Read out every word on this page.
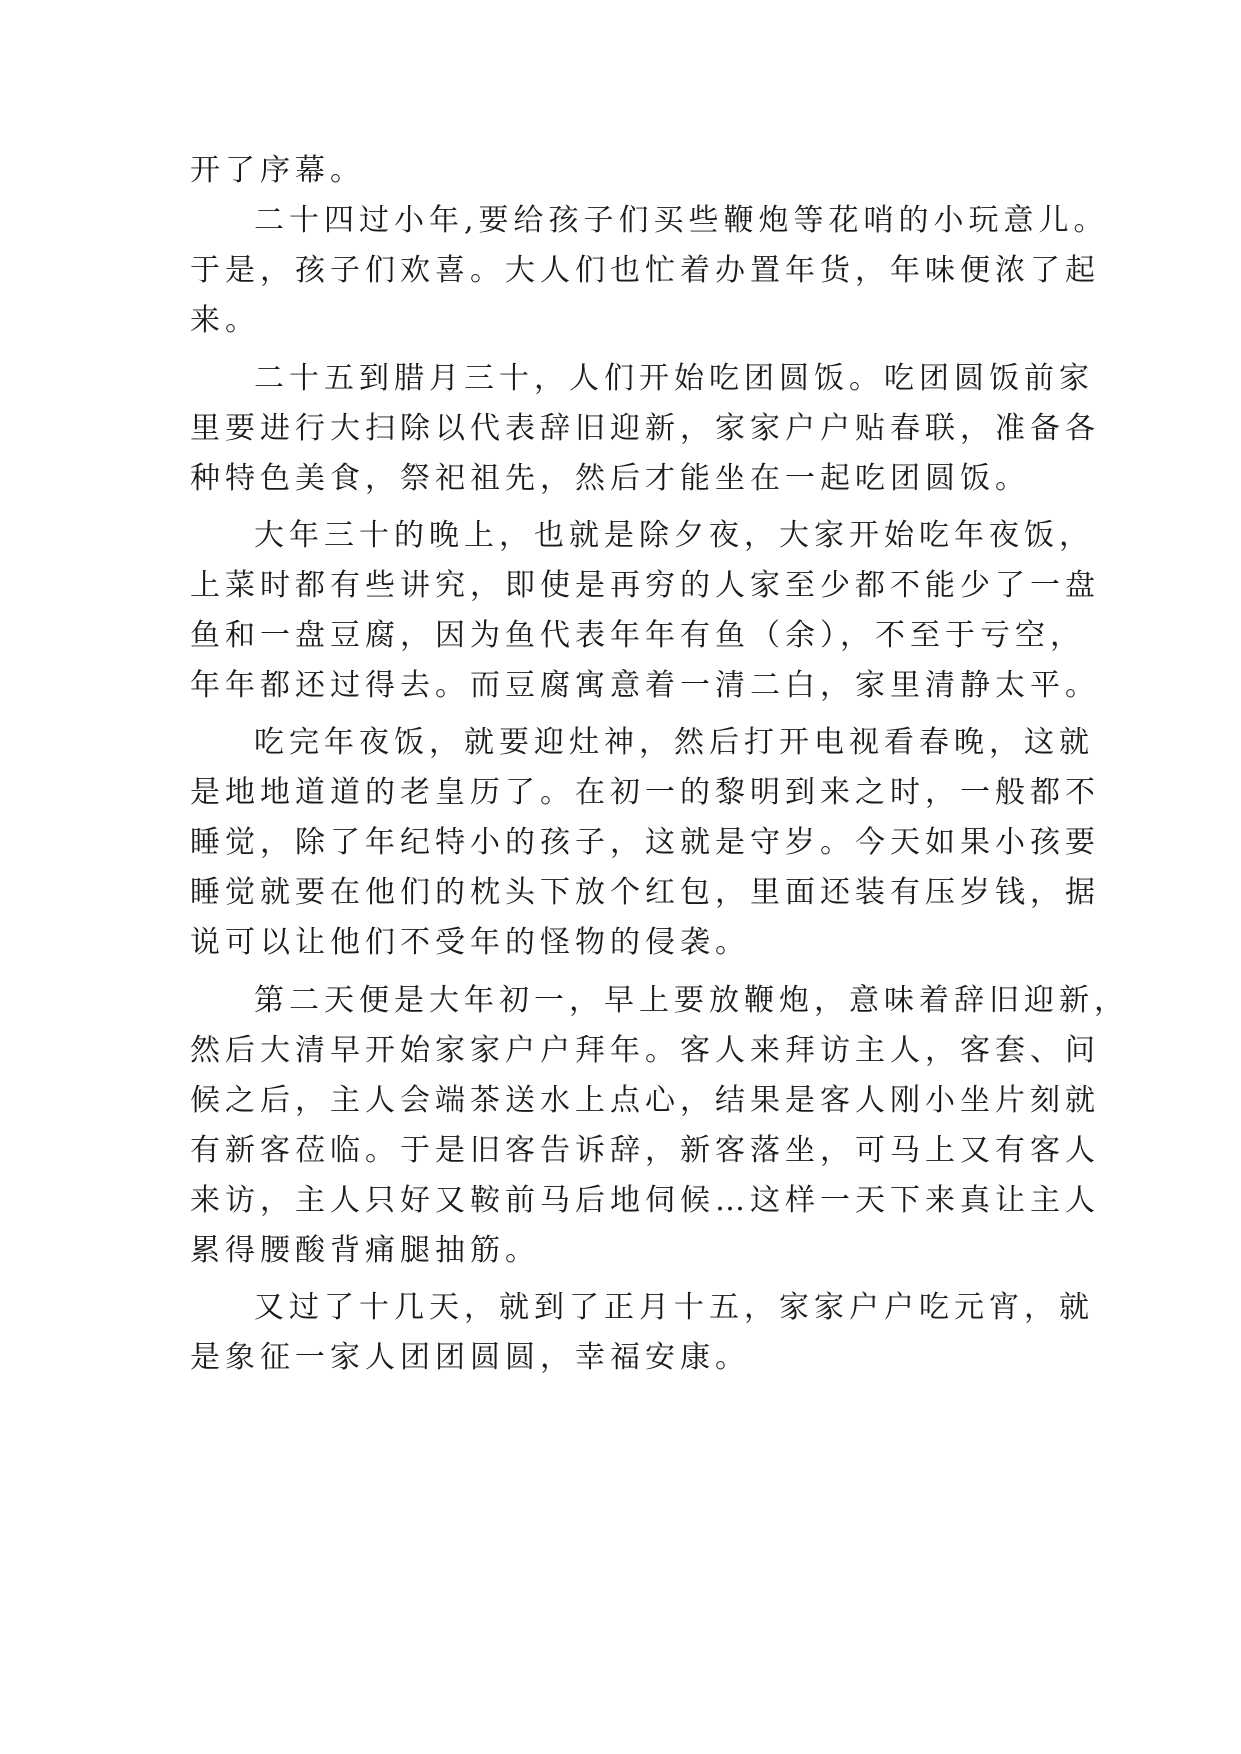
开了序幕。
二十四过小年,要给孩子们买些鞭炮等花哨的小玩意儿。
于是，孩子们欢喜。大人们也忙着办置年货，年味便浓了起
来。
二十五到腊月三十，人们开始吃团圆饭。吃团圆饭前家
里要进行大扫除以代表辞旧迎新，家家户户贴春联，准备各
种特色美食，祭祀祖先，然后才能坐在一起吃团圆饭。
大年三十的晚上，也就是除夕夜，大家开始吃年夜饭，
上菜时都有些讲究，即使是再穷的人家至少都不能少了一盘
鱼和一盘豆腐，因为鱼代表年年有鱼（余），不至于亏空，
年年都还过得去。而豆腐寓意着一清二白，家里清静太平。
吃完年夜饭，就要迎灶神，然后打开电视看春晚，这就
是地地道道的老皇历了。在初一的黎明到来之时，一般都不
睡觉，除了年纪特小的孩子，这就是守岁。今天如果小孩要
睡觉就要在他们的枕头下放个红包，里面还装有压岁钱，据
说可以让他们不受年的怪物的侵袭。
第二天便是大年初一，早上要放鞭炮，意味着辞旧迎新，
然后大清早开始家家户户拜年。客人来拜访主人，客套、问
候之后，主人会端茶送水上点心，结果是客人刚小坐片刻就
有新客莅临。于是旧客告诉辞，新客落坐，可马上又有客人
来访，主人只好又鞍前马后地伺候…这样一天下来真让主人
累得腰酸背痛腿抽筋。
又过了十几天，就到了正月十五，家家户户吃元宵，就
是象征一家人团团圆圆，幸福安康。
